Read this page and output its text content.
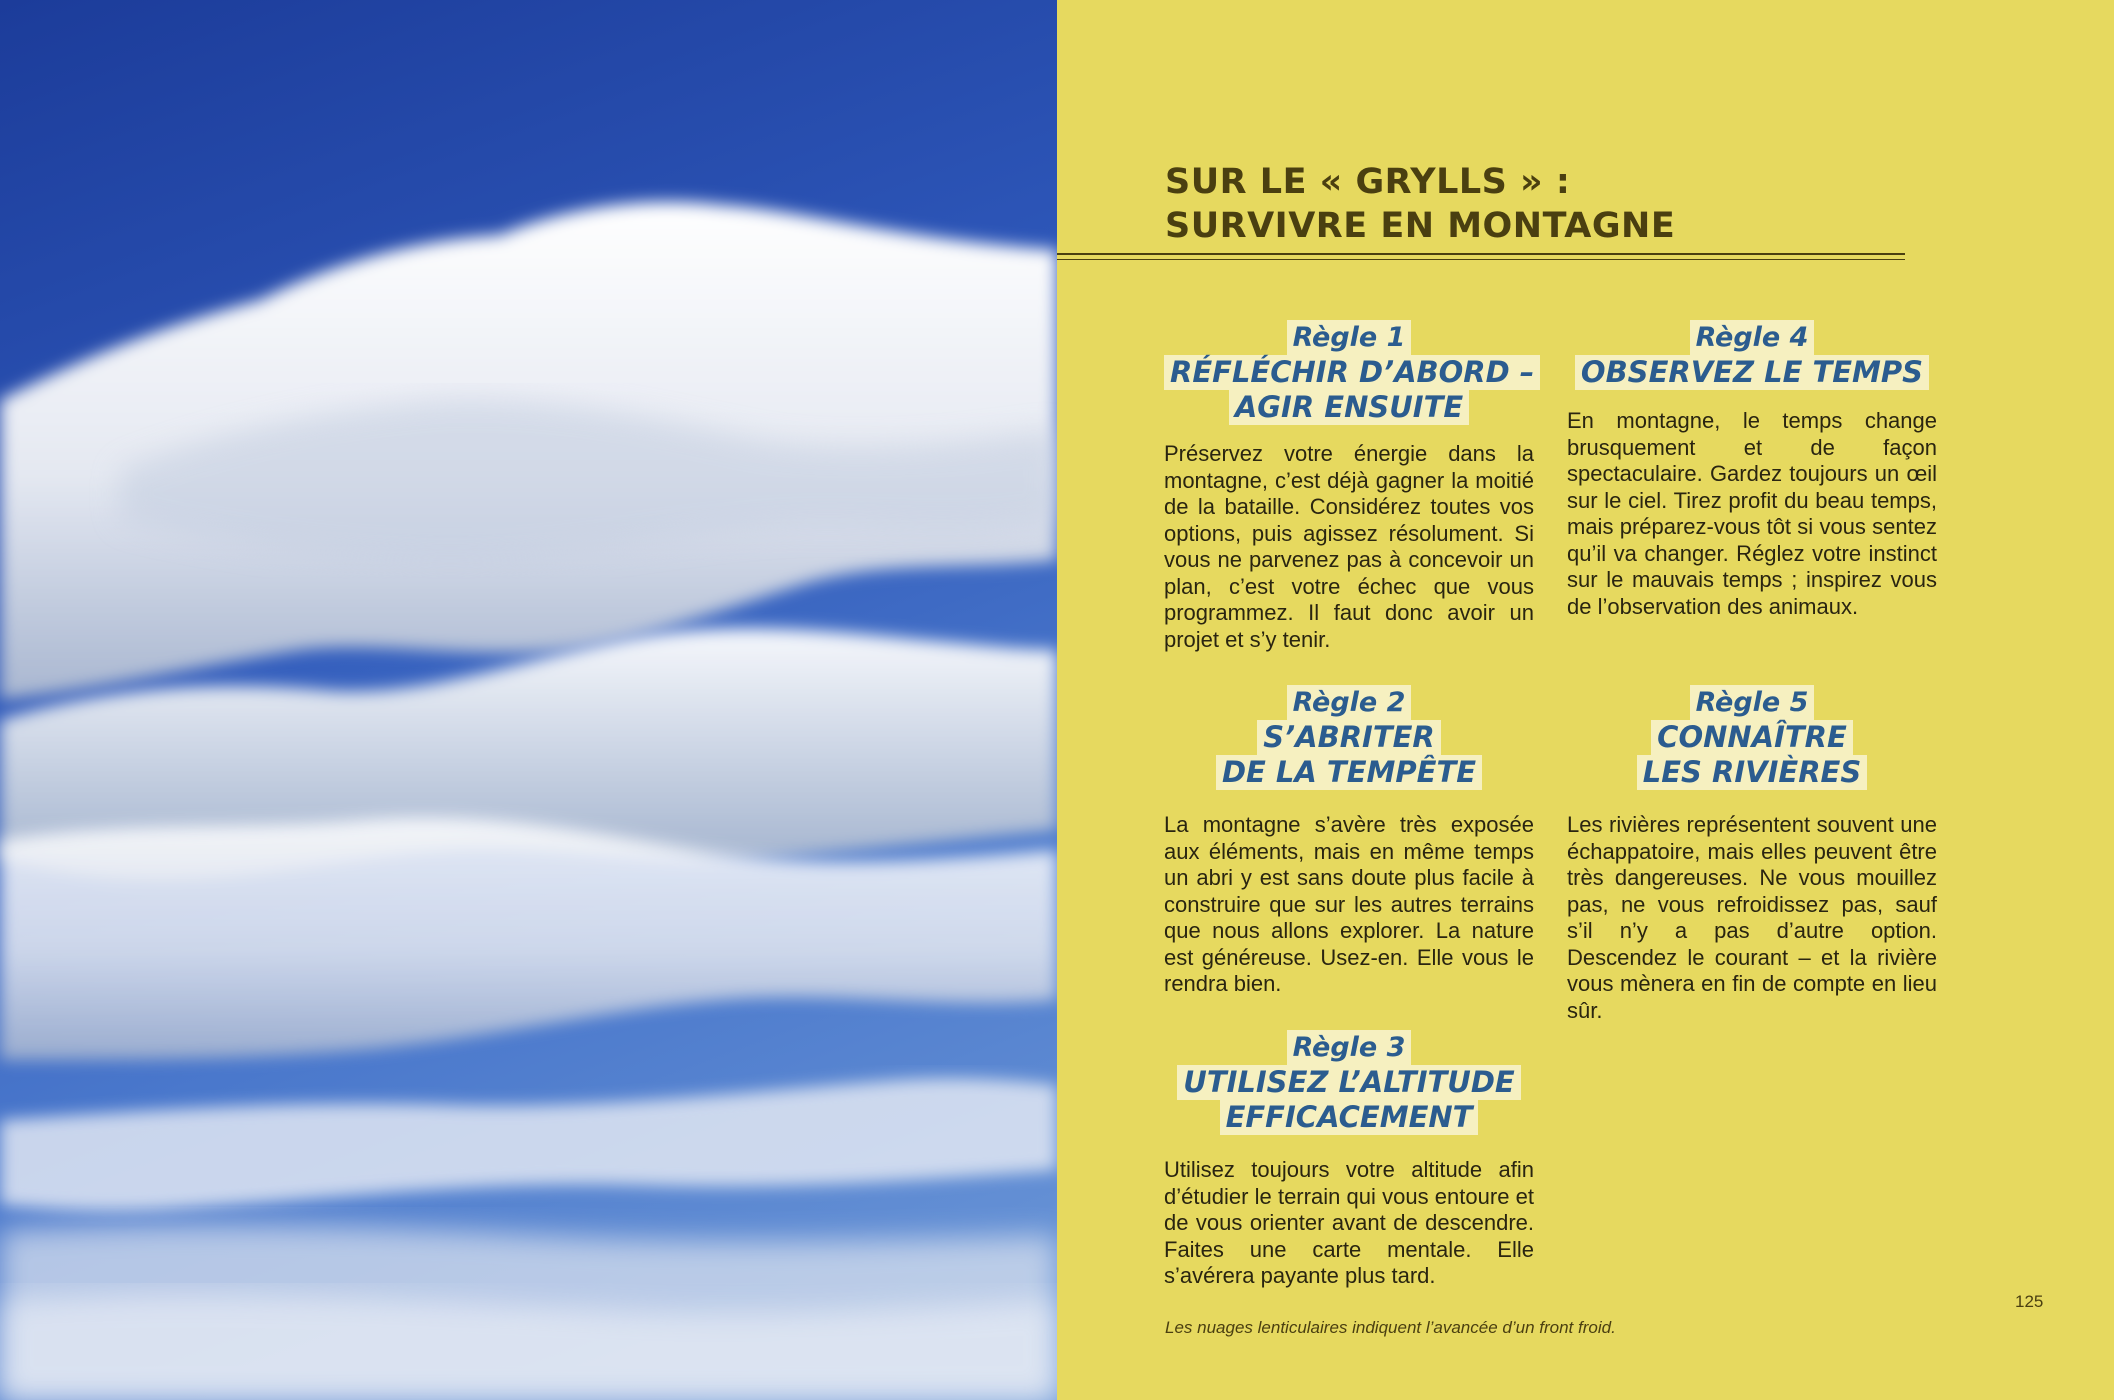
SUR LE « GRYLLS » :
SURVIVRE EN MONTAGNE
Règle 1
RÉFLÉCHIR D’ABORD –
AGIR ENSUITE
Préservez votre énergie dans la montagne, c’est déjà gagner la moitié de la bataille. Considérez toutes vos options, puis agissez résolument. Si vous ne parvenez pas à concevoir un plan, c’est votre échec que vous programmez. Il faut donc avoir un projet et s’y tenir.
Règle 2
S’ABRITER
DE LA TEMPÊTE
La montagne s’avère très exposée aux éléments, mais en même temps un abri y est sans doute plus facile à construire que sur les autres terrains que nous allons explorer. La nature est généreuse. Usez-en. Elle vous le rendra bien.
Règle 3
UTILISEZ L’ALTITUDE
EFFICACEMENT
Utilisez toujours votre altitude afin d’étudier le terrain qui vous entoure et de vous orienter avant de descendre. Faites une carte mentale. Elle s’avérera payante plus tard.
Règle 4
OBSERVEZ LE TEMPS
En montagne, le temps change brusquement et de façon spectaculaire. Gardez toujours un œil sur le ciel. Tirez profit du beau temps, mais préparez-vous tôt si vous sentez qu’il va changer. Réglez votre instinct sur le mauvais temps ; inspirez vous de l’observation des animaux.
Règle 5
CONNAÎTRE
LES RIVIÈRES
Les rivières représentent souvent une échappatoire, mais elles peuvent être très dangereuses. Ne vous mouillez pas, ne vous refroidissez pas, sauf s’il n’y a pas d’autre option. Descendez le courant – et la rivière vous mènera en fin de compte en lieu sûr.
125
Les nuages lenticulaires indiquent l’avancée d’un front froid.
